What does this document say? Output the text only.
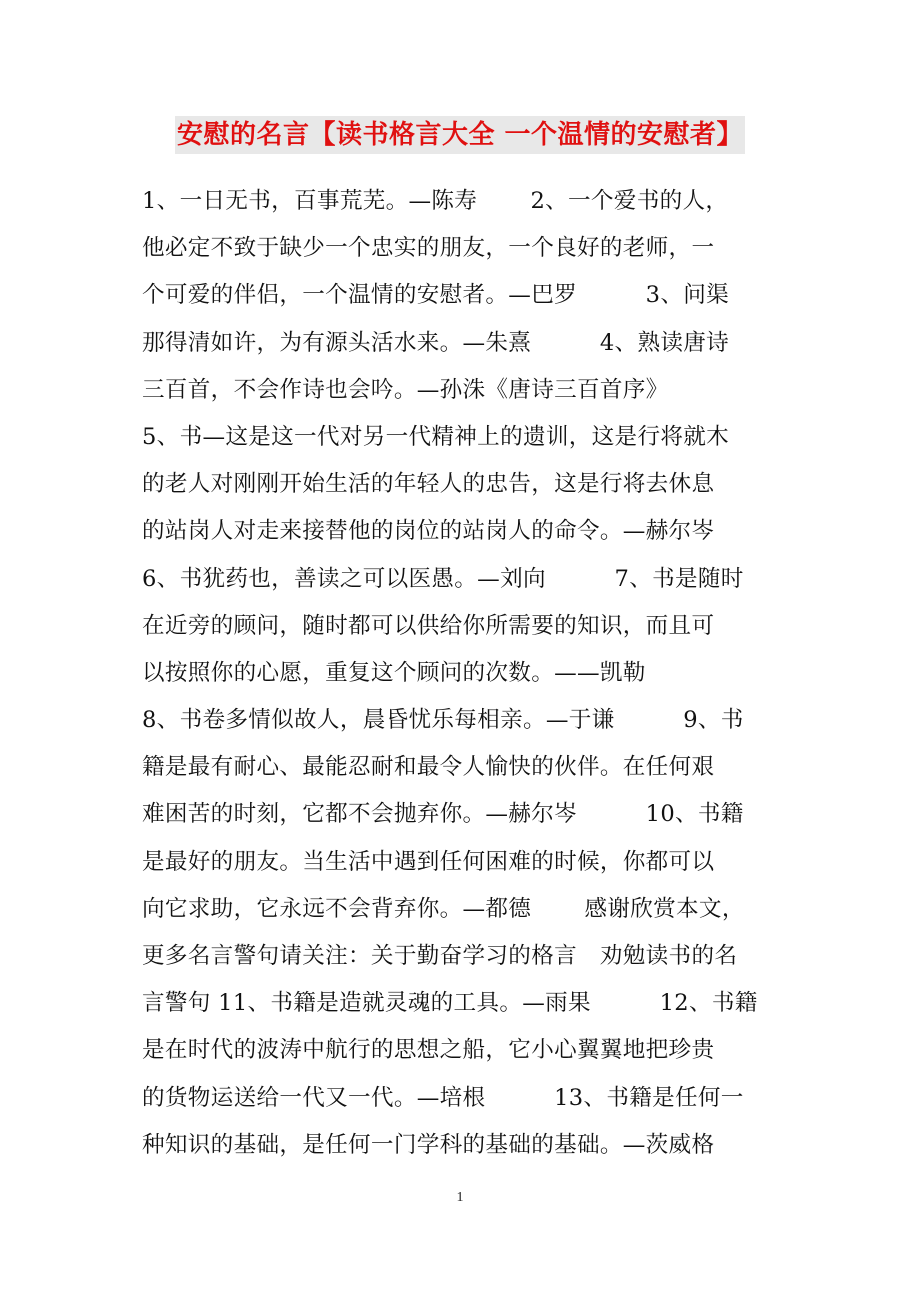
安慰的名言【读书格言大全 一个温情的安慰者】
1、一日无书，百事荒芜。—陈寿　　 2、一个爱书的人，
他必定不致于缺少一个忠实的朋友，一个良好的老师，一
个可爱的伴侣，一个温情的安慰者。—巴罗　　　3、问渠
那得清如许，为有源头活水来。—朱熹　　　4、熟读唐诗
三百首，不会作诗也会吟。—孙洙《唐诗三百首序》
5、书—这是这一代对另一代精神上的遗训，这是行将就木
的老人对刚刚开始生活的年轻人的忠告，这是行将去休息
的站岗人对走来接替他的岗位的站岗人的命令。—赫尔岑
6、书犹药也，善读之可以医愚。—刘向　　　7、书是随时
在近旁的顾问，随时都可以供给你所需要的知识，而且可
以按照你的心愿，重复这个顾问的次数。——凯勒
8、书卷多情似故人，晨昏忧乐每相亲。—于谦　　　9、书
籍是最有耐心、最能忍耐和最令人愉快的伙伴。在任何艰
难困苦的时刻，它都不会抛弃你。—赫尔岑　　　10、书籍
是最好的朋友。当生活中遇到任何困难的时候，你都可以
向它求助，它永远不会背弃你。—都德　　 感谢欣赏本文，
更多名言警句请关注：关于勤奋学习的格言　劝勉读书的名
言警句 11、书籍是造就灵魂的工具。—雨果　　　12、书籍
是在时代的波涛中航行的思想之船，它小心翼翼地把珍贵
的货物运送给一代又一代。—培根　　　13、书籍是任何一
种知识的基础，是任何一门学科的基础的基础。—茨威格
1
